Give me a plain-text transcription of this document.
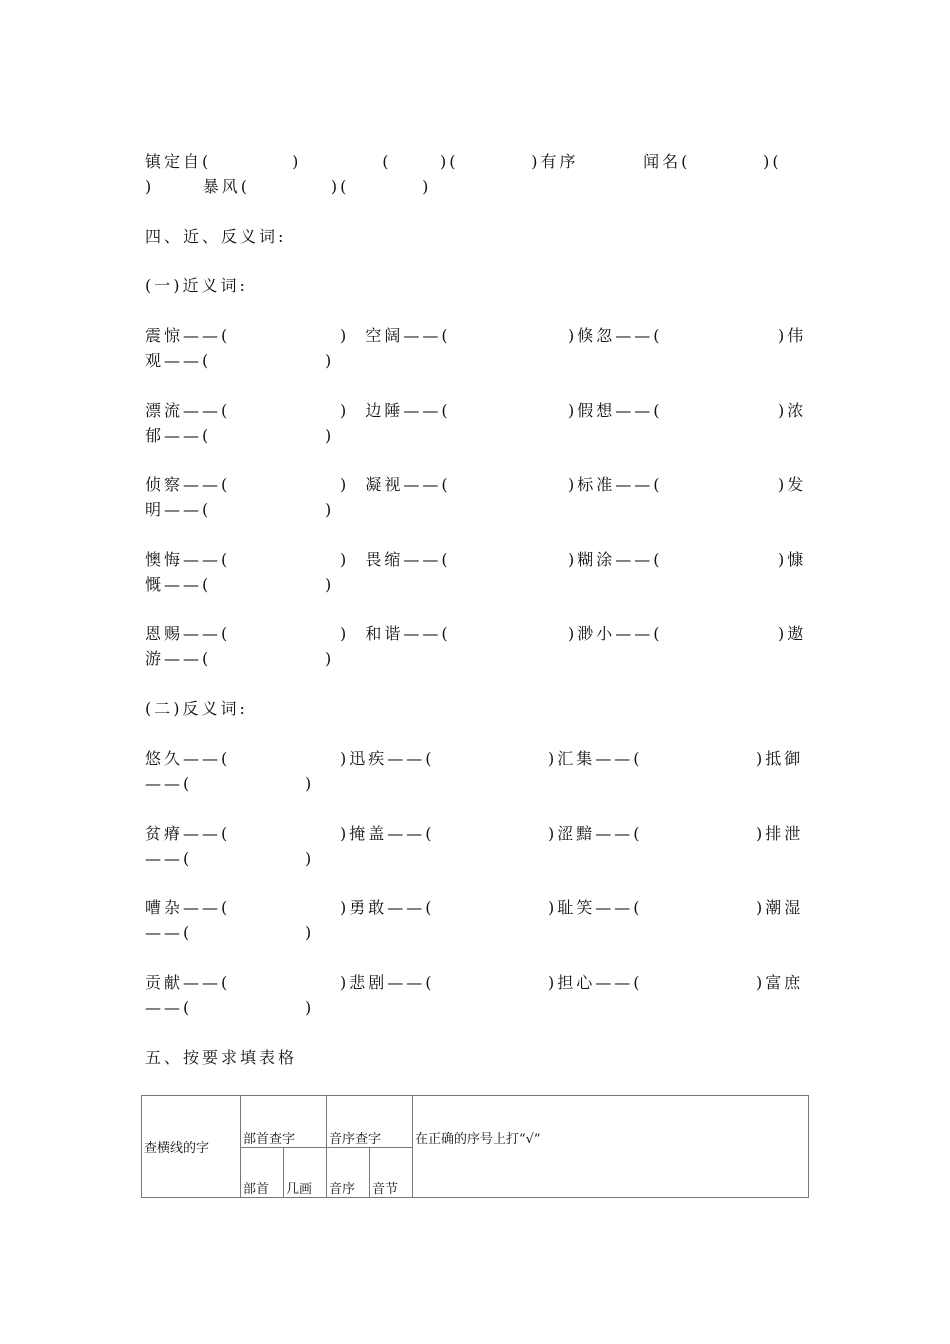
镇定自(          )          (      )(         )有序        闻名(         )(
)      暴风(          )(         )
四、近、反义词:
(一)近义词:
震惊——(	)  空阔——(	)倏忽——(	)伟
观——(	)
漂流——(	)  边陲——(	)假想——(	)浓
郁——(	)
侦察——(	)  凝视——(	)标准——(	)发
明——(	)
懊悔——(	)  畏缩——(	)糊涂——(	)慷
慨——(	)
恩赐——(	)  和谐——(	)渺小——(	)遨
游——(	)
(二)反义词:
悠久——(	)迅疾——(	)汇集——(	)抵御
——(	)
贫瘠——(	)掩盖——(	)涩黯——(	)排泄
——(	)
嘈杂——(	)勇敢——(	)耻笑——(	)潮湿
——(	)
贡献——(	)悲剧——(	)担心——(	)富庶
——(	)
五、按要求填表格
查横线的字	部首查字		音序查字		在正确的序号上打“√”
	部首	几画	音序	音节	
